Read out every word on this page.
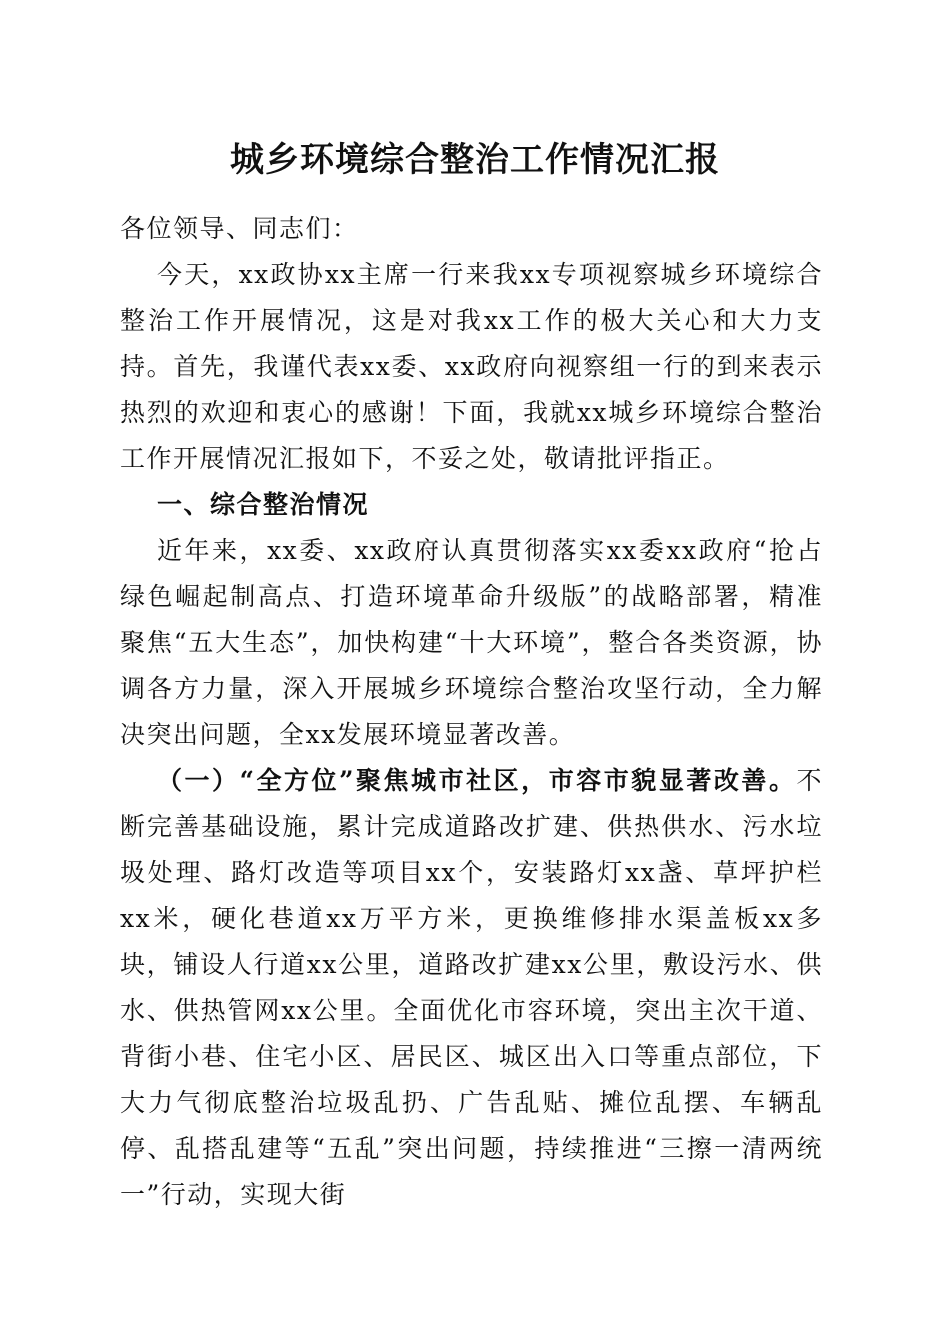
城乡环境综合整治工作情况汇报

各位领导、同志们：

今天，xx政协xx主席一行来我xx专项视察城乡环境综合整治工作开展情况，这是对我xx工作的极大关心和大力支持。首先，我谨代表xx委、xx政府向视察组一行的到来表示热烈的欢迎和衷心的感谢！下面，我就xx城乡环境综合整治工作开展情况汇报如下，不妥之处，敬请批评指正。

一、综合整治情况

近年来，xx委、xx政府认真贯彻落实xx委xx政府“抢占绿色崛起制高点、打造环境革命升级版”的战略部署，精准聚焦“五大生态”，加快构建“十大环境”，整合各类资源，协调各方力量，深入开展城乡环境综合整治攻坚行动，全力解决突出问题，全xx发展环境显著改善。

（一）“全方位”聚焦城市社区，市容市貌显著改善。不断完善基础设施，累计完成道路改扩建、供热供水、污水垃圾处理、路灯改造等项目xx个，安装路灯xx盏、草坪护栏xx米，硬化巷道xx万平方米，更换维修排水渠盖板xx多块，铺设人行道xx公里，道路改扩建xx公里，敷设污水、供水、供热管网xx公里。全面优化市容环境，突出主次干道、背街小巷、住宅小区、居民区、城区出入口等重点部位，下大力气彻底整治垃圾乱扔、广告乱贴、摊位乱摆、车辆乱停、乱搭乱建等“五乱”突出问题，持续推进“三擦一清两统一”行动，实现大街
